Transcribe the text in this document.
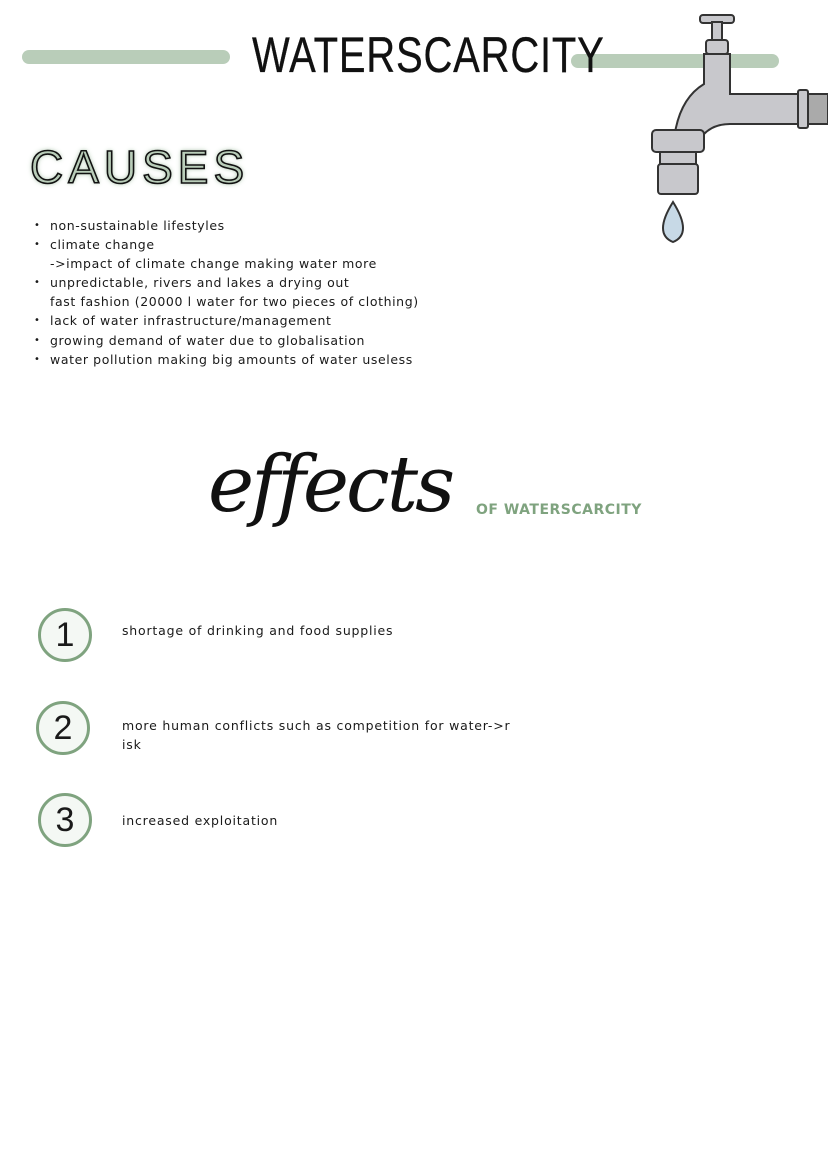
WATERSCARCITY
CAUSES
• non-sustainable lifestyles
• climate change
->impact of climate change making water more
• unpredictable, rivers and lakes a drying out
fast fashion (20000 l water for two pieces of clothing)
• lack of water infrastructure/management
• growing demand of water due to globalisation
• water pollution making big amounts of water useless
effects OF WATERSCARCITY
1	shortage of drinking and food supplies
2	more human conflicts such as competition for water->risk
3	increased exploitation
